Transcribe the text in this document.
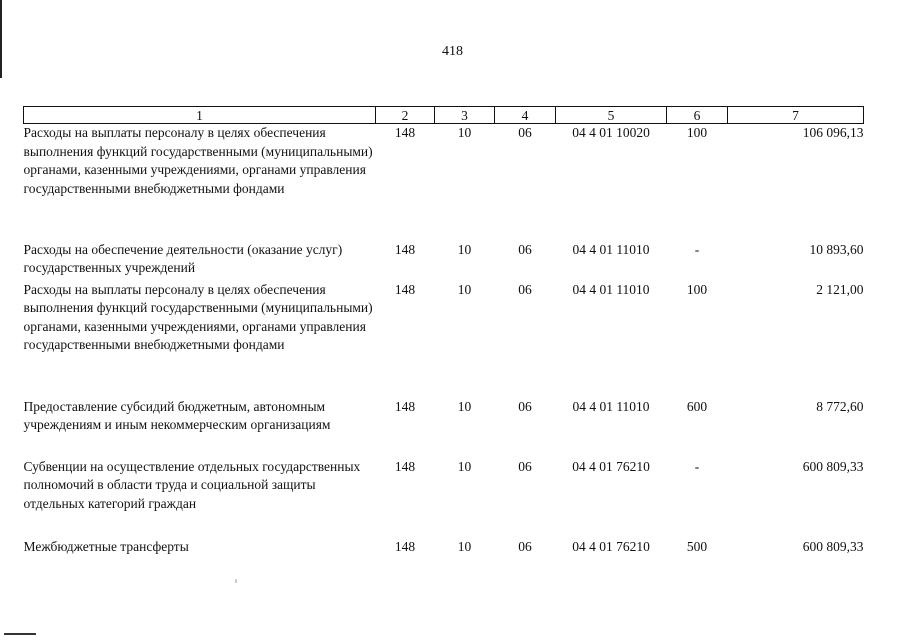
418
1	2	3	4	5	6	7
Расходы на выплаты персоналу в целях обеспечения выполнения функций государственными (муниципальными) органами, казенными учреждениями, органами управления государственными внебюджетными фондами	148	10	06	04 4 01 10020	100	106 096,13
Расходы на обеспечение деятельности (оказание услуг) государственных учреждений	148	10	06	04 4 01 11010	-	10 893,60
Расходы на выплаты персоналу в целях обеспечения выполнения функций государственными (муниципальными) органами, казенными учреждениями, органами управления государственными внебюджетными фондами	148	10	06	04 4 01 11010	100	2 121,00
Предоставление субсидий бюджетным, автономным учреждениям и иным некоммерческим организациям	148	10	06	04 4 01 11010	600	8 772,60
Субвенции на осуществление отдельных государственных полномочий в области труда и социальной защиты отдельных категорий граждан	148	10	06	04 4 01 76210	-	600 809,33
Межбюджетные трансферты	148	10	06	04 4 01 76210	500	600 809,33
